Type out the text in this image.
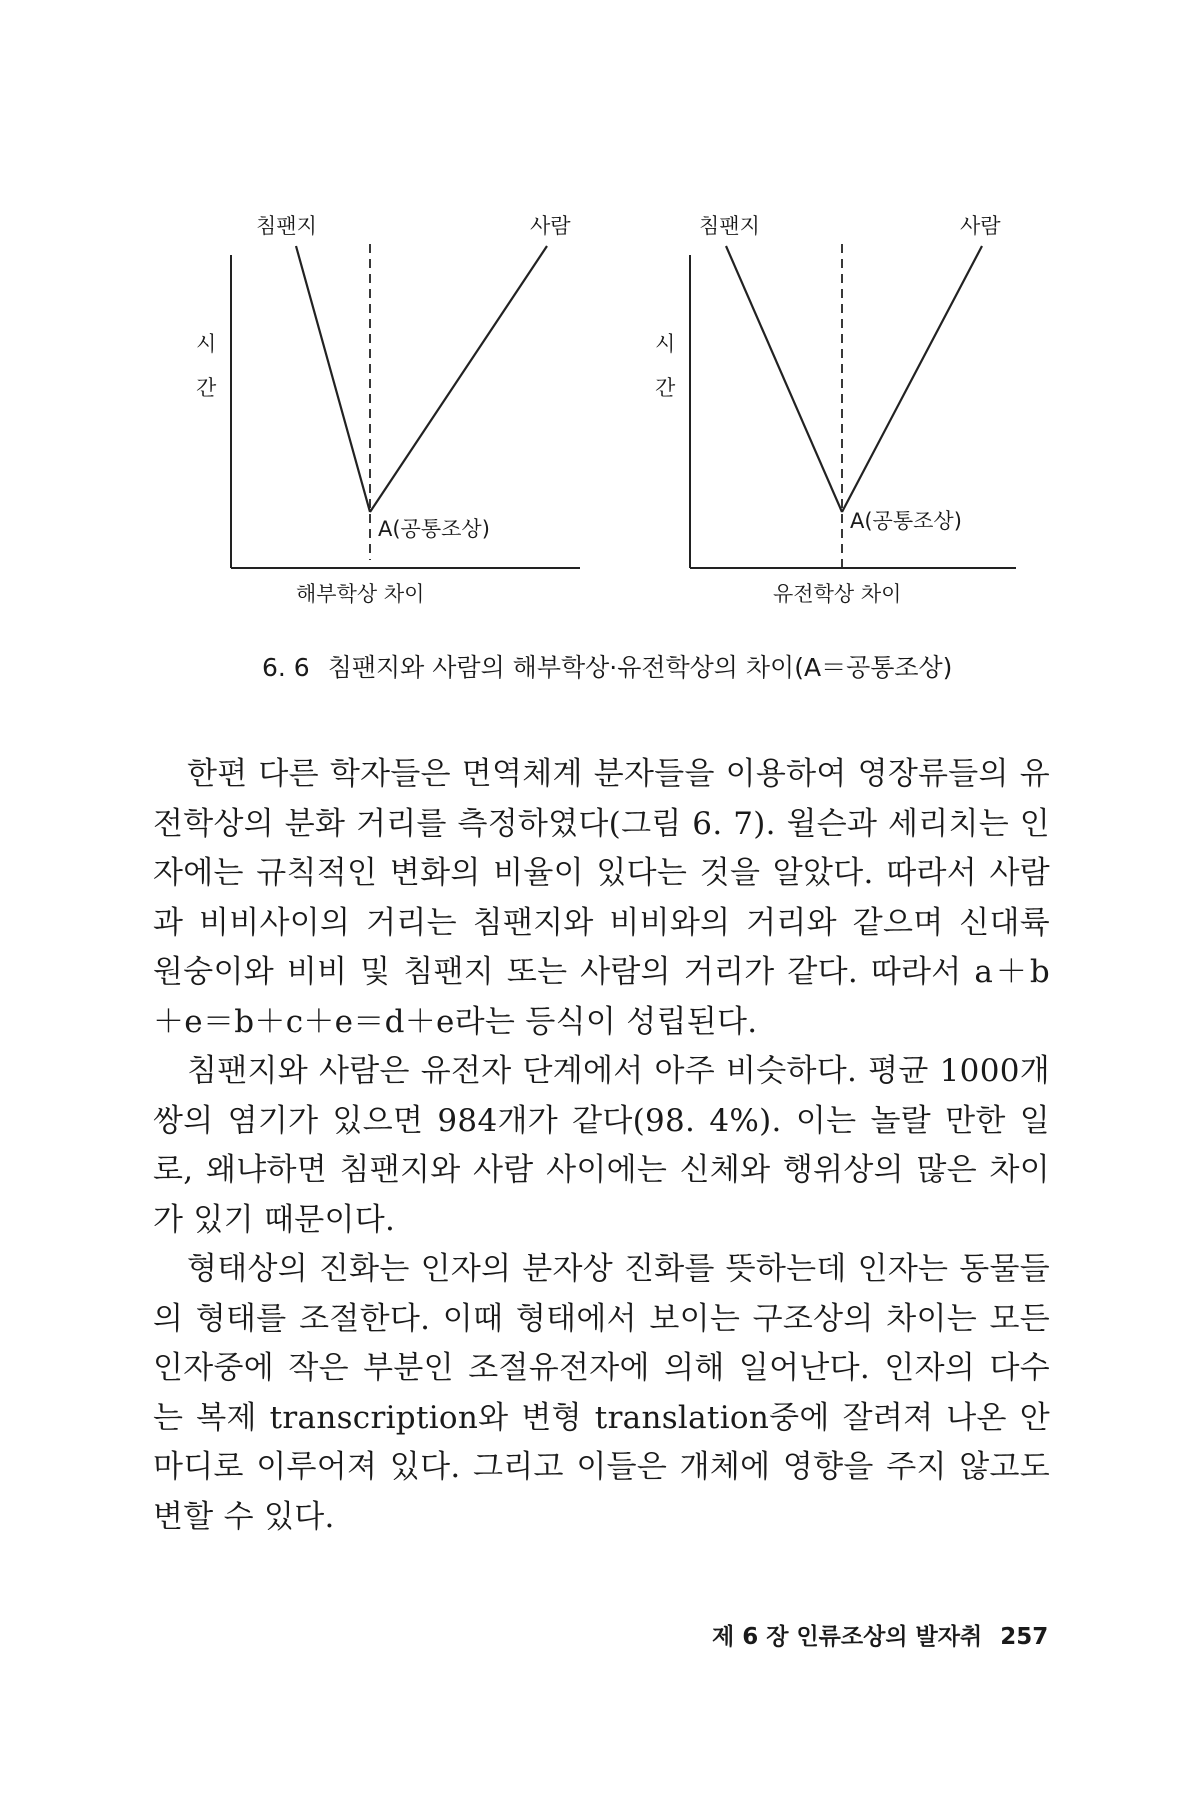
침팬지	사람
시
간
A(공통조상)
해부학상 차이
침팬지	사람
시
간
A(공통조상)
유전학상 차이
6. 6 침팬지와 사람의 해부학상·유전학상의 차이(A＝공통조상)

한편 다른 학자들은 면역체계 분자들을 이용하여 영장류들의 유전학상의 분화 거리를 측정하였다(그림 6. 7). 윌슨과 세리치는 인자에는 규칙적인 변화의 비율이 있다는 것을 알았다. 따라서 사람과 비비사이의 거리는 침팬지와 비비와의 거리와 같으며 신대륙 원숭이와 비비 및 침팬지 또는 사람의 거리가 같다. 따라서 a＋b＋e＝b＋c＋e＝d＋e라는 등식이 성립된다.

침팬지와 사람은 유전자 단계에서 아주 비슷하다. 평균 1000개쌍의 염기가 있으면 984개가 같다(98. 4%). 이는 놀랄 만한 일로, 왜냐하면 침팬지와 사람 사이에는 신체와 행위상의 많은 차이가 있기 때문이다.

형태상의 진화는 인자의 분자상 진화를 뜻하는데 인자는 동물들의 형태를 조절한다. 이때 형태에서 보이는 구조상의 차이는 모든 인자중에 작은 부분인 조절유전자에 의해 일어난다. 인자의 다수는 복제 transcription와 변형 translation중에 잘려져 나온 안마디로 이루어져 있다. 그리고 이들은 개체에 영향을 주지 않고도 변할 수 있다.

제 6 장 인류조상의 발자취 257
